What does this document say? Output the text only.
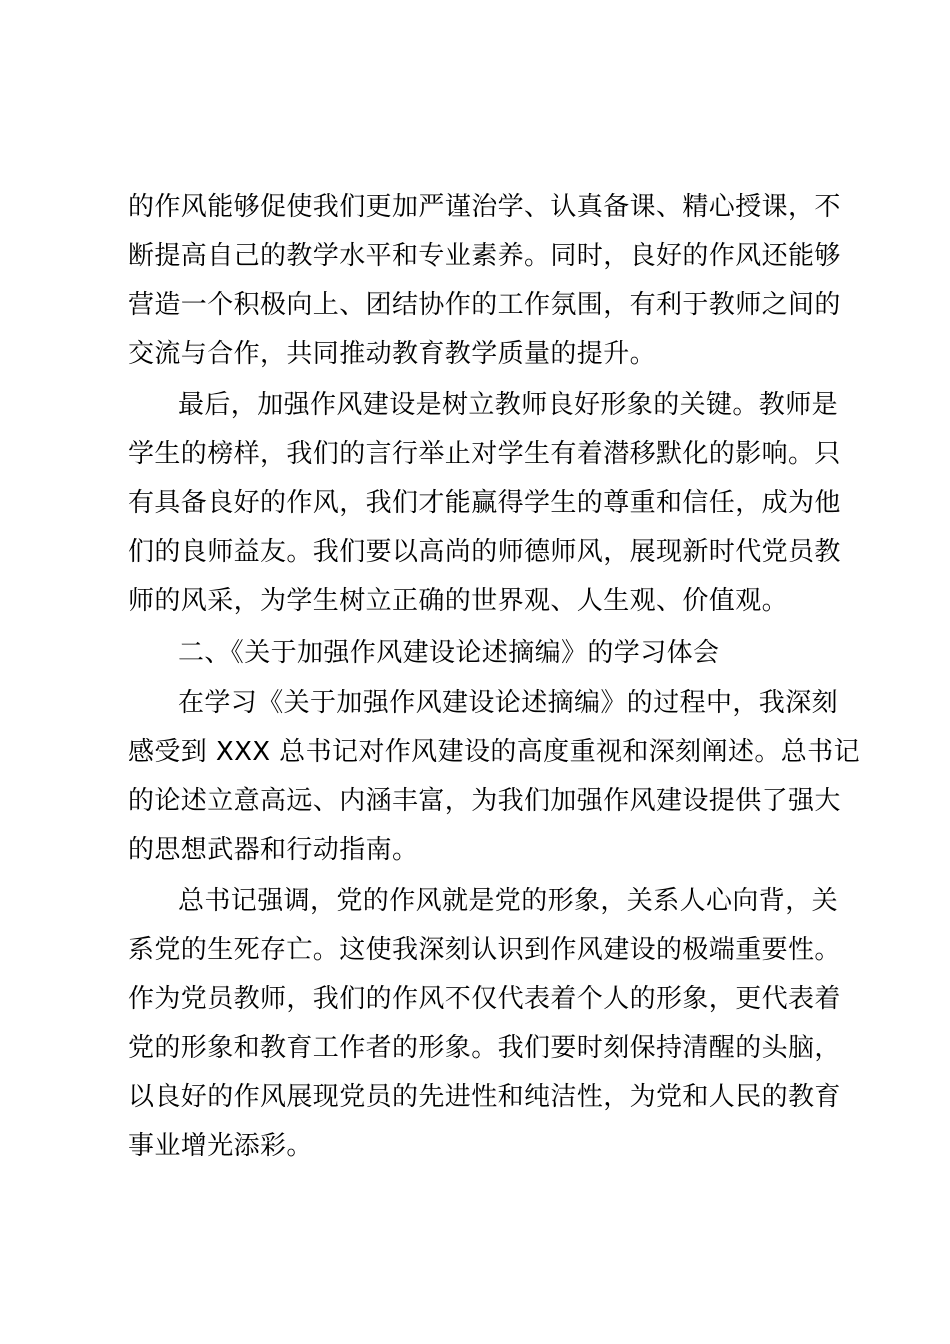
的作风能够促使我们更加严谨治学、认真备课、精心授课，不

断提高自己的教学水平和专业素养。同时，良好的作风还能够

营造一个积极向上、团结协作的工作氛围，有利于教师之间的

交流与合作，共同推动教育教学质量的提升。

最后，加强作风建设是树立教师良好形象的关键。教师是

学生的榜样，我们的言行举止对学生有着潜移默化的影响。只

有具备良好的作风，我们才能赢得学生的尊重和信任，成为他

们的良师益友。我们要以高尚的师德师风，展现新时代党员教

师的风采，为学生树立正确的世界观、人生观、价值观。

二、《关于加强作风建设论述摘编》的学习体会

在学习《关于加强作风建设论述摘编》的过程中，我深刻

感受到 XXX 总书记对作风建设的高度重视和深刻阐述。总书记

的论述立意高远、内涵丰富，为我们加强作风建设提供了强大

的思想武器和行动指南。

总书记强调，党的作风就是党的形象，关系人心向背，关

系党的生死存亡。这使我深刻认识到作风建设的极端重要性。

作为党员教师，我们的作风不仅代表着个人的形象，更代表着

党的形象和教育工作者的形象。我们要时刻保持清醒的头脑，

以良好的作风展现党员的先进性和纯洁性，为党和人民的教育

事业增光添彩。
